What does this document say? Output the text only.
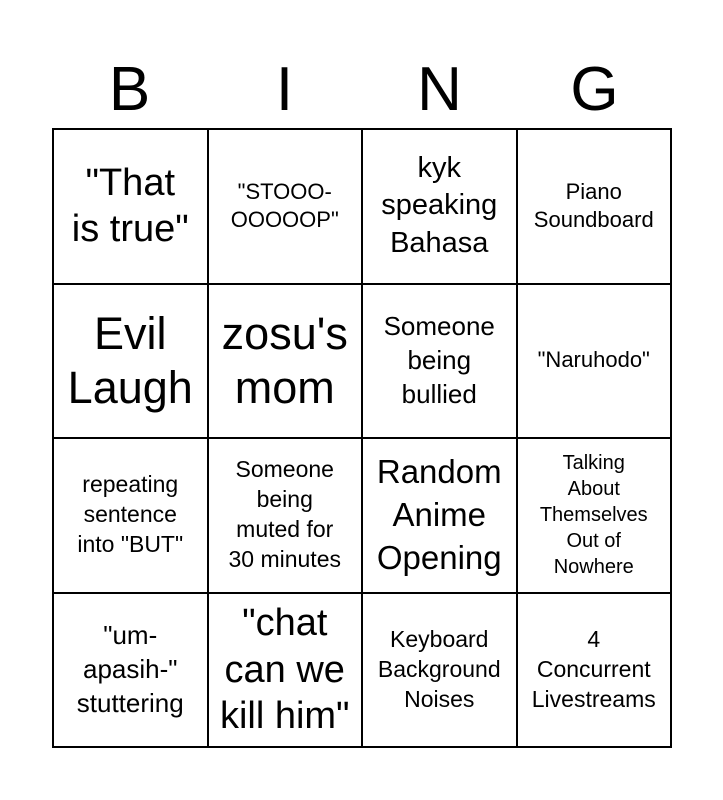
B	I	N	G
"That
is true"
"STOOO-
OOOOOP"
kyk
speaking
Bahasa
Piano
Soundboard
Evil
Laugh
zosu's
mom
Someone
being
bullied
"Naruhodo"
repeating
sentence
into "BUT"
Someone
being
muted for
30 minutes
Random
Anime
Opening
Talking
About
Themselves
Out of
Nowhere
"um-
apasih-"
stuttering
"chat
can we
kill him"
Keyboard
Background
Noises
4
Concurrent
Livestreams
